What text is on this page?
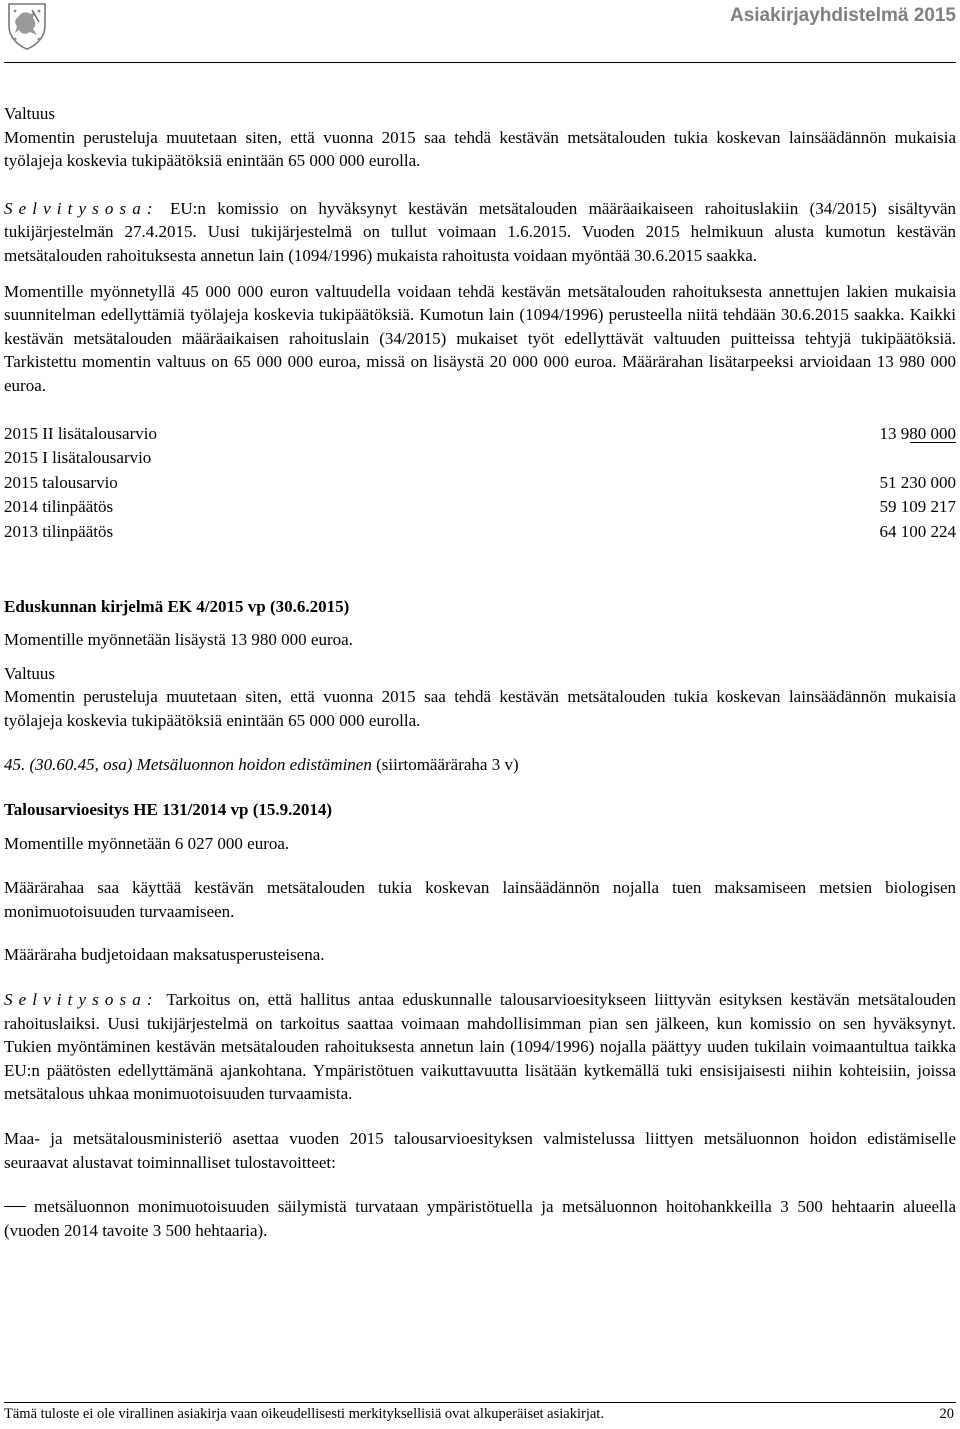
Asiakirjayhdistelmä 2015

Valtuus

Momentin perusteluja muutetaan siten, että vuonna 2015 saa tehdä kestävän metsätalouden tukia koskevan lainsäädännön mukaisia työlajeja koskevia tukipäätöksiä enintään 65 000 000 eurolla.

Selvitysosa: EU:n komissio on hyväksynyt kestävän metsätalouden määräaikaiseen rahoituslakiin (34/2015) sisältyvän tukijärjestelmän 27.4.2015. Uusi tukijärjestelmä on tullut voimaan 1.6.2015. Vuoden 2015 helmikuun alusta kumotun kestävän metsätalouden rahoituksesta annetun lain (1094/1996) mukaista rahoitusta voidaan myöntää 30.6.2015 saakka.

Momentille myönnetyllä 45 000 000 euron valtuudella voidaan tehdä kestävän metsätalouden rahoituksesta annettujen lakien mukaisia suunnitelman edellyttämiä työlajeja koskevia tukipäätöksiä. Kumotun lain (1094/1996) perusteella niitä tehdään 30.6.2015 saakka. Kaikki kestävän metsätalouden määräaikaisen rahoituslain (34/2015) mukaiset työt edellyttävät valtuuden puitteissa tehtyjä tukipäätöksiä. Tarkistettu momentin valtuus on 65 000 000 euroa, missä on lisäystä 20 000 000 euroa. Määrärahan lisätarpeeksi arvioidaan 13 980 000 euroa.

2015 II lisätalousarvio	13 980 000
2015 I lisätalousarvio
2015 talousarvio	51 230 000
2014 tilinpäätös	59 109 217
2013 tilinpäätös	64 100 224

Eduskunnan kirjelmä EK 4/2015 vp (30.6.2015)

Momentille myönnetään lisäystä 13 980 000 euroa.

Valtuus

Momentin perusteluja muutetaan siten, että vuonna 2015 saa tehdä kestävän metsätalouden tukia koskevan lainsäädännön mukaisia työlajeja koskevia tukipäätöksiä enintään 65 000 000 eurolla.

45. (30.60.45, osa) Metsäluonnon hoidon edistäminen (siirtomääräraha 3 v)

Talousarvioesitys HE 131/2014 vp (15.9.2014)

Momentille myönnetään 6 027 000 euroa.

Määrärahaa saa käyttää kestävän metsätalouden tukia koskevan lainsäädännön nojalla tuen maksamiseen metsien biologisen monimuotoisuuden turvaamiseen.

Määräraha budjetoidaan maksatusperusteisena.

Selvitysosa: Tarkoitus on, että hallitus antaa eduskunnalle talousarvioesitykseen liittyvän esityksen kestävän metsätalouden rahoituslaiksi. Uusi tukijärjestelmä on tarkoitus saattaa voimaan mahdollisimman pian sen jälkeen, kun komissio on sen hyväksynyt. Tukien myöntäminen kestävän metsätalouden rahoituksesta annetun lain (1094/1996) nojalla päättyy uuden tukilain voimaantultua taikka EU:n päätösten edellyttämänä ajankohtana. Ympäristötuen vaikuttavuutta lisätään kytkemällä tuki ensisijaisesti niihin kohteisiin, joissa metsätalous uhkaa monimuotoisuuden turvaamista.

Maa- ja metsätalousministeriö asettaa vuoden 2015 talousarvioesityksen valmistelussa liittyen metsäluonnon hoidon edistämiselle seuraavat alustavat toiminnalliset tulostavoitteet:

metsäluonnon monimuotoisuuden säilymistä turvataan ympäristötuella ja metsäluonnon hoitohankkeilla 3 500 hehtaarin alueella (vuoden 2014 tavoite 3 500 hehtaaria).

Tämä tuloste ei ole virallinen asiakirja vaan oikeudellisesti merkityksellisiä ovat alkuperäiset asiakirjat.	20
